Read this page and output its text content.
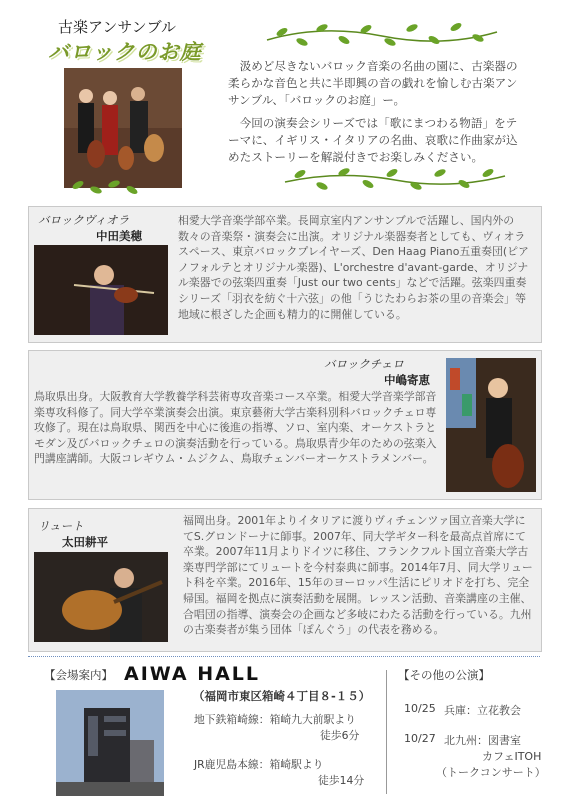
古楽アンサンブル
バロックのお庭
汲めど尽きないバロック音楽の名曲の園に、古楽器の柔らかな音色と共に半即興の音の戯れを愉しむ古楽アンサンブル、「バロックのお庭」ー。
今回の演奏会シリーズでは「歌にまつわる物語」をテーマに、イギリス・イタリアの名曲、哀歌に作曲家が込めたストーリーを解説付きでお楽しみください。
バロックヴィオラ
中田美穂
相愛大学音楽学部卒業。長岡京室内アンサンブルで活躍し、国内外の数々の音楽祭・演奏会に出演。オリジナル楽器奏者としても、ヴィオラスペース、東京バロックプレイヤーズ、Den Haag Piano五重奏団(ピアノフォルテとオリジナル楽器)、L'orchestre d'avant-garde、オリジナル楽器での弦楽四重奏「Just our two cents」などで活躍。弦楽四重奏シリーズ「羽衣を紡ぐ十六弦」の他「うじたわらお茶の里の音楽会」等地域に根ざした企画も精力的に開催している。
バロックチェロ
中嶋寄恵
鳥取県出身。大阪教育大学教養学科芸術専攻音楽コース卒業。相愛大学音楽学部音楽専攻科修了。同大学卒業演奏会出演。東京藝術大学古楽科別科バロックチェロ専攻修了。現在は鳥取県、関西を中心に後進の指導、ソロ、室内楽、オーケストラとモダン及びバロックチェロの演奏活動を行っている。鳥取県青少年のための弦楽入門講座講師。大阪コレギウム・ムジクム、鳥取チェンバーオーケストラメンバー。
リュート
太田耕平
福岡出身。2001年よりイタリアに渡りヴィチェンツァ国立音楽大学にてS.グロンドーナに師事。2007年、同大学ギター科を最高点首席にて卒業。2007年11月よりドイツに移住、フランクフルト国立音楽大学古楽専門学部にてリュートを今村泰典に師事。2014年7月、同大学リュート科を卒業。2016年、15年のヨーロッパ生活にピリオドを打ち、完全帰国。福岡を拠点に演奏活動を展開。レッスン活動、音楽講座の主催、合唱団の指導、演奏会の企画など多岐にわたる活動を行っている。九州の古楽奏者が集う団体「ぽんぐう」の代表を務める。
【会場案内】 AIWA HALL
（福岡市東区箱崎４丁目８-１５）
地下鉄箱崎線：箱崎九大前駅より
徒歩6分
JR鹿児島本線：箱崎駅より
徒歩14分
【その他の公演】
10/25 兵庫：立花教会
10/27 北九州：図書室
カフェITOH
（トークコンサート）
